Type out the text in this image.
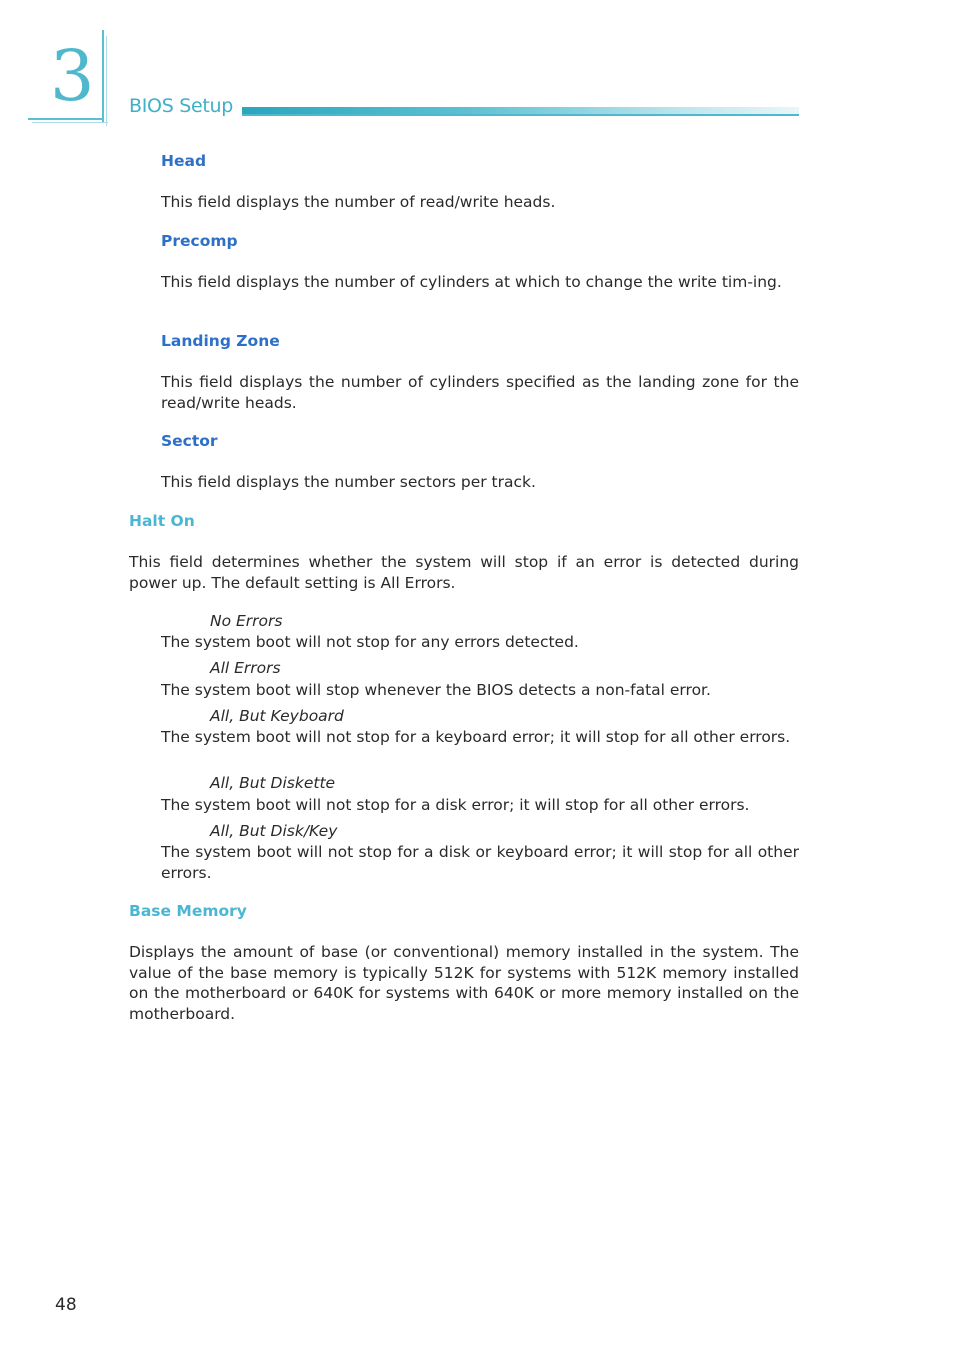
3 BIOS Setup
Head
This field displays the number of read/write heads.
Precomp
This field displays the number of cylinders at which to change the write tim-ing.
Landing Zone
This field displays the number of cylinders specified as the landing zone for the read/write heads.
Sector
This field displays the number sectors per track.
Halt On
This field determines whether the system will stop if an error is detected during power up. The default setting is All Errors.
No Errors
The system boot will not stop for any errors detected.
All Errors
The system boot will stop whenever the BIOS detects a non-fatal error.
All, But Keyboard
The system boot will not stop for a keyboard error; it will stop for all other errors.
All, But Diskette
The system boot will not stop for a disk error; it will stop for all other errors.
All, But Disk/Key
The system boot will not stop for a disk or keyboard error; it will stop for all other errors.
Base Memory
Displays the amount of base (or conventional) memory installed in the system. The value of the base memory is typically 512K for systems with 512K memory installed on the motherboard or 640K for systems with 640K or more memory installed on the motherboard.
48
